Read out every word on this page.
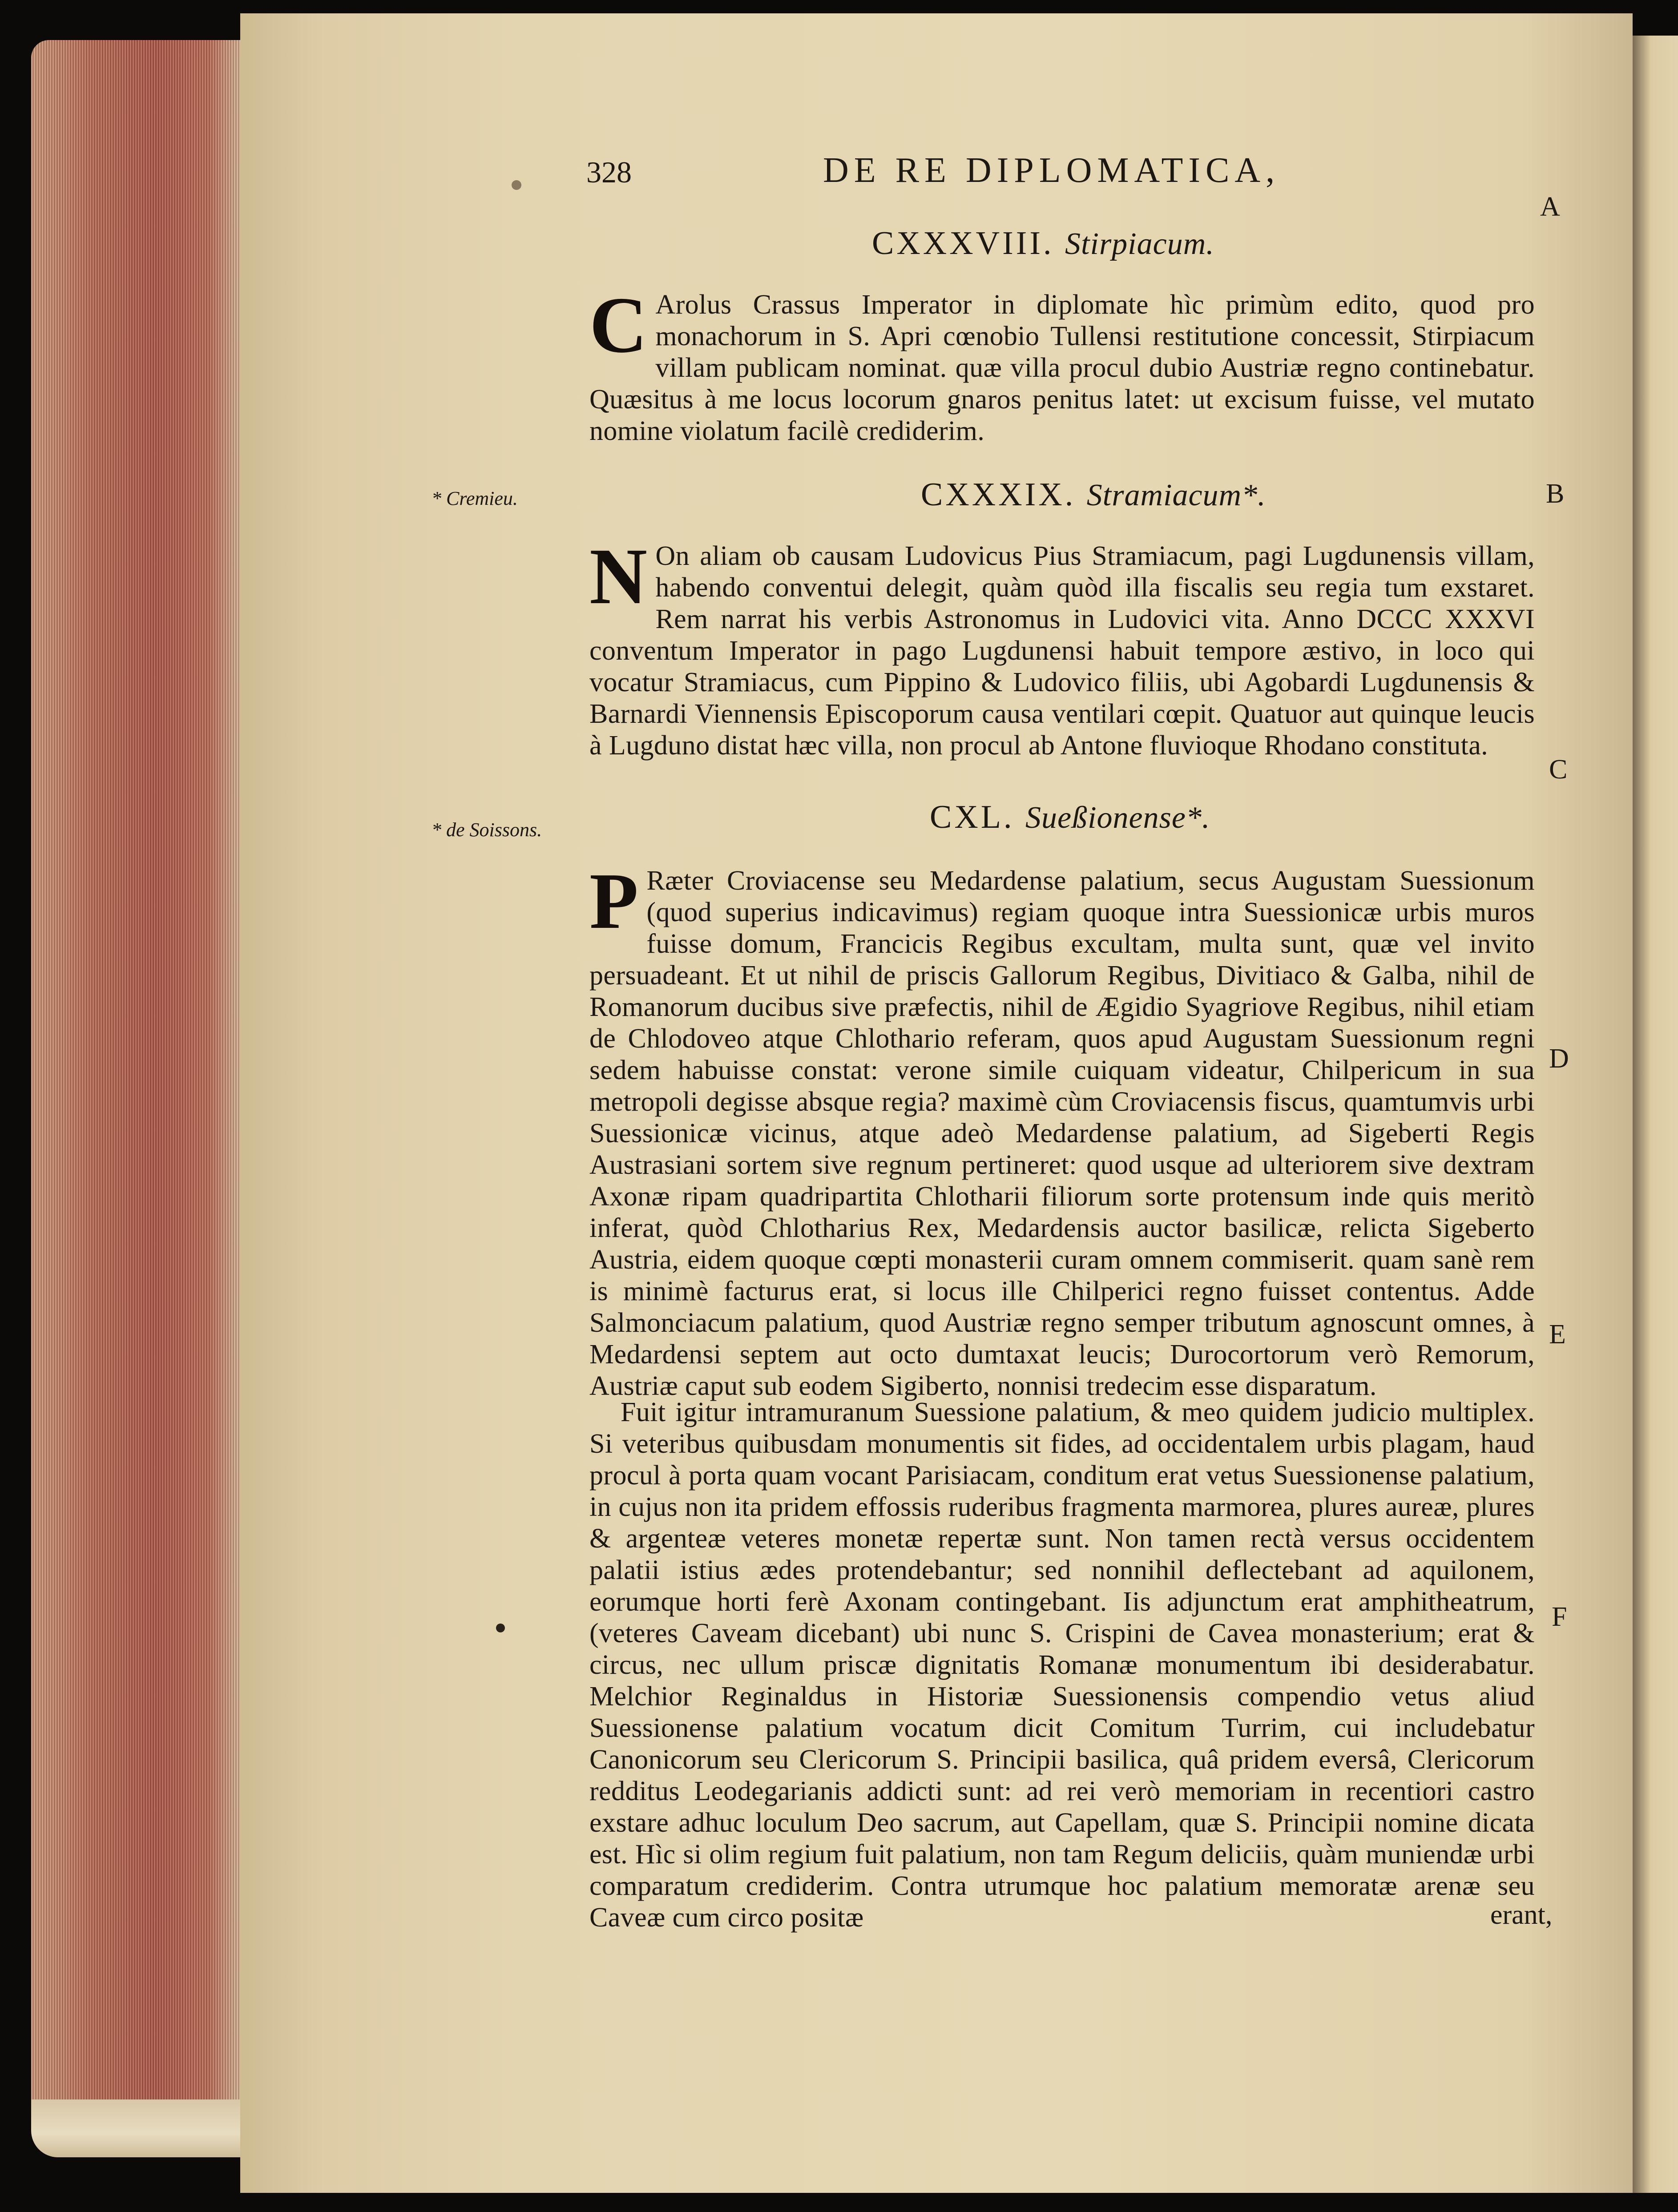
328	DE RE DIPLOMATICA,
A
B
C
D
E
F
CXXXVIII. Stirpiacum.
C Arolus Crassus Imperator in diplomate hìc primùm edito, quod pro monachorum in S. Apri cœnobio Tullensi restitutione concessit, Stirpiacum villam publicam nominat. quæ villa procul dubio Austriæ regno continebatur. Quæsitus à me locus locorum gnaros penitus latet: ut excisum fuisse, vel mutato nomine violatum facilè crediderim.
* Cremieu.	CXXXIX. Stramiacum*.
N On aliam ob causam Ludovicus Pius Stramiacum, pagi Lugdunensis villam, habendo conventui delegit, quàm quòd illa fiscalis seu regia tum exstaret. Rem narrat his verbis Astronomus in Ludovici vita. Anno DCCC XXXVI conventum Imperator in pago Lugdunensi habuit tempore æstivo, in loco qui vocatur Stramiacus, cum Pippino & Ludovico filiis, ubi Agobardi Lugdunensis & Barnardi Viennensis Episcoporum causa ventilari cœpit. Quatuor aut quinque leucis à Lugduno distat hæc villa, non procul ab Antone fluvioque Rhodano constituta.
* de Soissons.	CXL. Sueßionense*.
P Ræter Croviacense seu Medardense palatium, secus Augustam Suessionum (quod superius indicavimus) regiam quoque intra Suessionicæ urbis muros fuisse domum, Francicis Regibus excultam, multa sunt, quæ vel invito persuadeant. Et ut nihil de priscis Gallorum Regibus, Divitiaco & Galba, nihil de Romanorum ducibus sive præfectis, nihil de Ægidio Syagriove Regibus, nihil etiam de Chlodoveo atque Chlothario referam, quos apud Augustam Suessionum regni sedem habuisse constat: verone simile cuiquam videatur, Chilpericum in sua metropoli degisse absque regia? maximè cùm Croviacensis fiscus, quamtumvis urbi Suessionicæ vicinus, atque adeò Medardense palatium, ad Sigeberti Regis Austrasiani sortem sive regnum pertineret: quod usque ad ulteriorem sive dextram Axonæ ripam quadripartita Chlotharii filiorum sorte protensum inde quis meritò inferat, quòd Chlotharius Rex, Medardensis auctor basilicæ, relicta Sigeberto Austria, eidem quoque cœpti monasterii curam omnem commiserit. quam sanè rem is minimè facturus erat, si locus ille Chilperici regno fuisset contentus. Adde Salmonciacum palatium, quod Austriæ regno semper tributum agnoscunt omnes, à Medardensi septem aut octo dumtaxat leucis; Durocortorum verò Remorum, Austriæ caput sub eodem Sigiberto, nonnisi tredecim esse disparatum.
Fuit igitur intramuranum Suessione palatium, & meo quidem judicio multiplex. Si veteribus quibusdam monumentis sit fides, ad occidentalem urbis plagam, haud procul à porta quam vocant Parisiacam, conditum erat vetus Suessionense palatium, in cujus non ita pridem effossis ruderibus fragmenta marmorea, plures aureæ, plures & argenteæ veteres monetæ repertæ sunt. Non tamen rectà versus occidentem palatii istius ædes protendebantur; sed nonnihil deflectebant ad aquilonem, eorumque horti ferè Axonam contingebant. Iis adjunctum erat amphitheatrum, (veteres Caveam dicebant) ubi nunc S. Crispini de Cavea monasterium; erat & circus, nec ullum priscæ dignitatis Romanæ monumentum ibi desiderabatur. Melchior Reginaldus in Historiæ Suessionensis compendio vetus aliud Suessionense palatium vocatum dicit Comitum Turrim, cui includebatur Canonicorum seu Clericorum S. Principii basilica, quâ pridem eversâ, Clericorum redditus Leodegarianis addicti sunt: ad rei verò memoriam in recentiori castro exstare adhuc loculum Deo sacrum, aut Capellam, quæ S. Principii nomine dicata est. Hìc si olim regium fuit palatium, non tam Regum deliciis, quàm muniendæ urbi comparatum crediderim. Contra utrumque hoc palatium memoratæ arenæ seu Caveæ cum circo positæ	erant,
